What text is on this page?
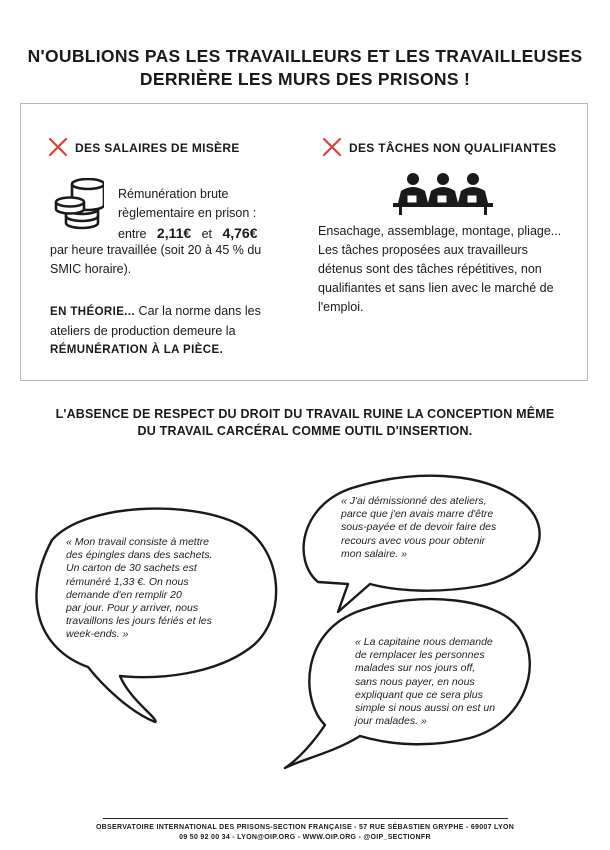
N'OUBLIONS PAS LES TRAVAILLEURS ET LES TRAVAILLEUSES
DERRIÈRE LES MURS DES PRISONS !
DES SALAIRES DE MISÈRE
Rémunération brute
règlementaire en prison :
entre 2,11€ et 4,76€
par heure travaillée (soit 20 à 45 % du
SMIC horaire).
EN THÉORIE... Car la norme dans les
ateliers de production demeure la
RÉMUNÉRATION À LA PIÈCE.
DES TÂCHES NON QUALIFIANTES
Ensachage, assemblage, montage, pliage...
Les tâches proposées aux travailleurs
détenus sont des tâches répétitives, non
qualifiantes et sans lien avec le marché de
l'emploi.
L'ABSENCE DE RESPECT DU DROIT DU TRAVAIL RUINE LA CONCEPTION MÊME
DU TRAVAIL CARCÉRAL COMME OUTIL D'INSERTION.
« J'ai démissionné des ateliers,
parce que j'en avais marre d'être
sous-payée et de devoir faire des
recours avec vous pour obtenir
mon salaire. »
« Mon travail consiste à mettre
des épingles dans des sachets.
Un carton de 30 sachets est
rémunéré 1,33 €. On nous
demande d'en remplir 20
par jour. Pour y arriver, nous
travaillons les jours fériés et les
week-ends. »
« La capitaine nous demande
de remplacer les personnes
malades sur nos jours off,
sans nous payer, en nous
expliquant que ce sera plus
simple si nous aussi on est un
jour malades. »
OBSERVATOIRE INTERNATIONAL DES PRISONS-SECTION FRANÇAISE - 57 RUE SÉBASTIEN GRYPHE - 69007 LYON
09 50 92 00 34 - LYON@OIP.ORG - WWW.OIP.ORG - @OIP_SECTIONFR
